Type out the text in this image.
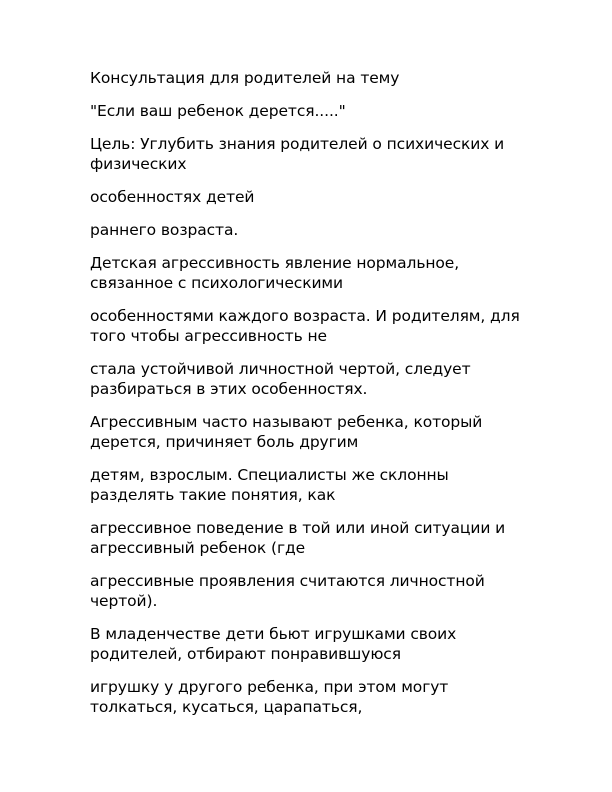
Консультация для родителей на тему

"Если ваш ребенок дерется....."

Цель: Углубить знания родителей о психических и физических

особенностях детей

раннего возраста.

Детская агрессивность явление нормальное, связанное с психологическими

особенностями каждого возраста. И родителям, для того чтобы агрессивность не

стала устойчивой личностной чертой, следует разбираться в этих особенностях.

Агрессивным часто называют ребенка, который дерется, причиняет боль другим

детям, взрослым. Специалисты же склонны разделять такие понятия, как

агрессивное поведение в той или иной ситуации и агрессивный ребенок (где

агрессивные проявления считаются личностной чертой).

В младенчестве дети бьют игрушками своих родителей, отбирают понравившуюся

игрушку у другого ребенка, при этом могут толкаться, кусаться, царапаться,
